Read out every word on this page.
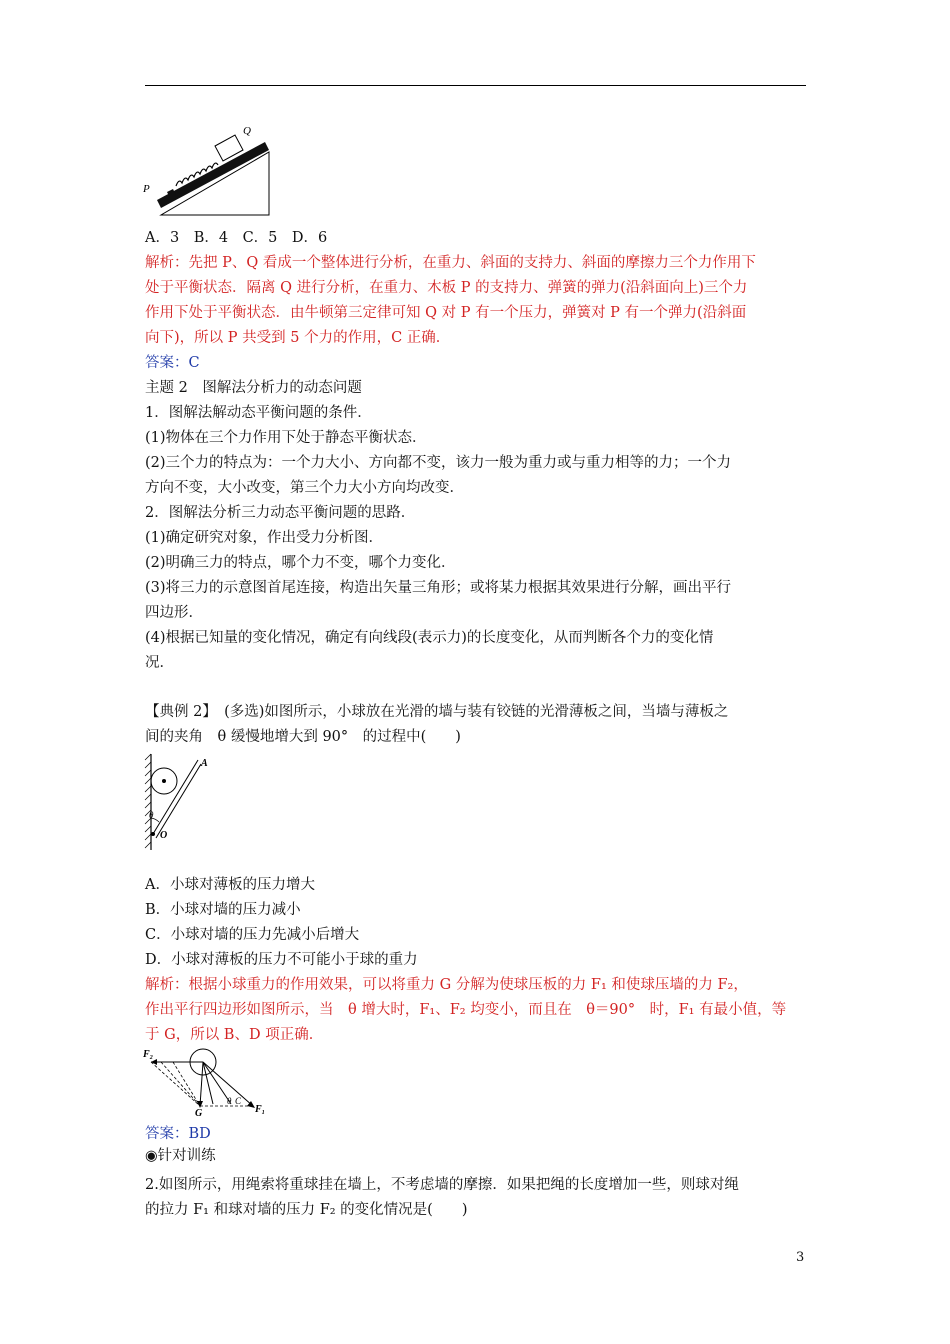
Q
P
A．3　B．4　C．5　D．6
解析：先把 P、Q 看成一个整体进行分析，在重力、斜面的支持力、斜面的摩擦力三个力作用下
处于平衡状态．隔离 Q 进行分析，在重力、木板 P 的支持力、弹簧的弹力(沿斜面向上)三个力
作用下处于平衡状态．由牛顿第三定律可知 Q 对 P 有一个压力，弹簧对 P 有一个弹力(沿斜面
向下)，所以 P 共受到 5 个力的作用，C 正确．
答案：C
主题 2　图解法分析力的动态问题
1．图解法解动态平衡问题的条件．
(1)物体在三个力作用下处于静态平衡状态．
(2)三个力的特点为：一个力大小、方向都不变，该力一般为重力或与重力相等的力；一个力
方向不变，大小改变，第三个力大小方向均改变．
2．图解法分析三力动态平衡问题的思路．
(1)确定研究对象，作出受力分析图．
(2)明确三力的特点，哪个力不变，哪个力变化．
(3)将三力的示意图首尾连接，构造出矢量三角形；或将某力根据其效果进行分解，画出平行
四边形．
(4)根据已知量的变化情况，确定有向线段(表示力)的长度变化，从而判断各个力的变化情
况．
【典例 2】　(多选)如图所示，小球放在光滑的墙与装有铰链的光滑薄板之间，当墙与薄板之
间的夹角　θ 缓慢地增大到 90°　的过程中(　　)
A
θ
O
A．小球对薄板的压力增大
B．小球对墙的压力减小
C．小球对墙的压力先减小后增大
D．小球对薄板的压力不可能小于球的重力
解析：根据小球重力的作用效果，可以将重力 G 分解为使球压板的力 F₁ 和使球压墙的力 F₂，
作出平行四边形如图所示，当　θ 增大时，F₁、F₂ 均变小，而且在　θ＝90°　时，F₁ 有最小值，等
于 G，所以 B、D 项正确．
F₂
G
θ C
F₁
答案：BD
◉针对训练
2.如图所示，用绳索将重球挂在墙上，不考虑墙的摩擦．如果把绳的长度增加一些，则球对绳
的拉力 F₁ 和球对墙的压力 F₂ 的变化情况是(　　)
3
